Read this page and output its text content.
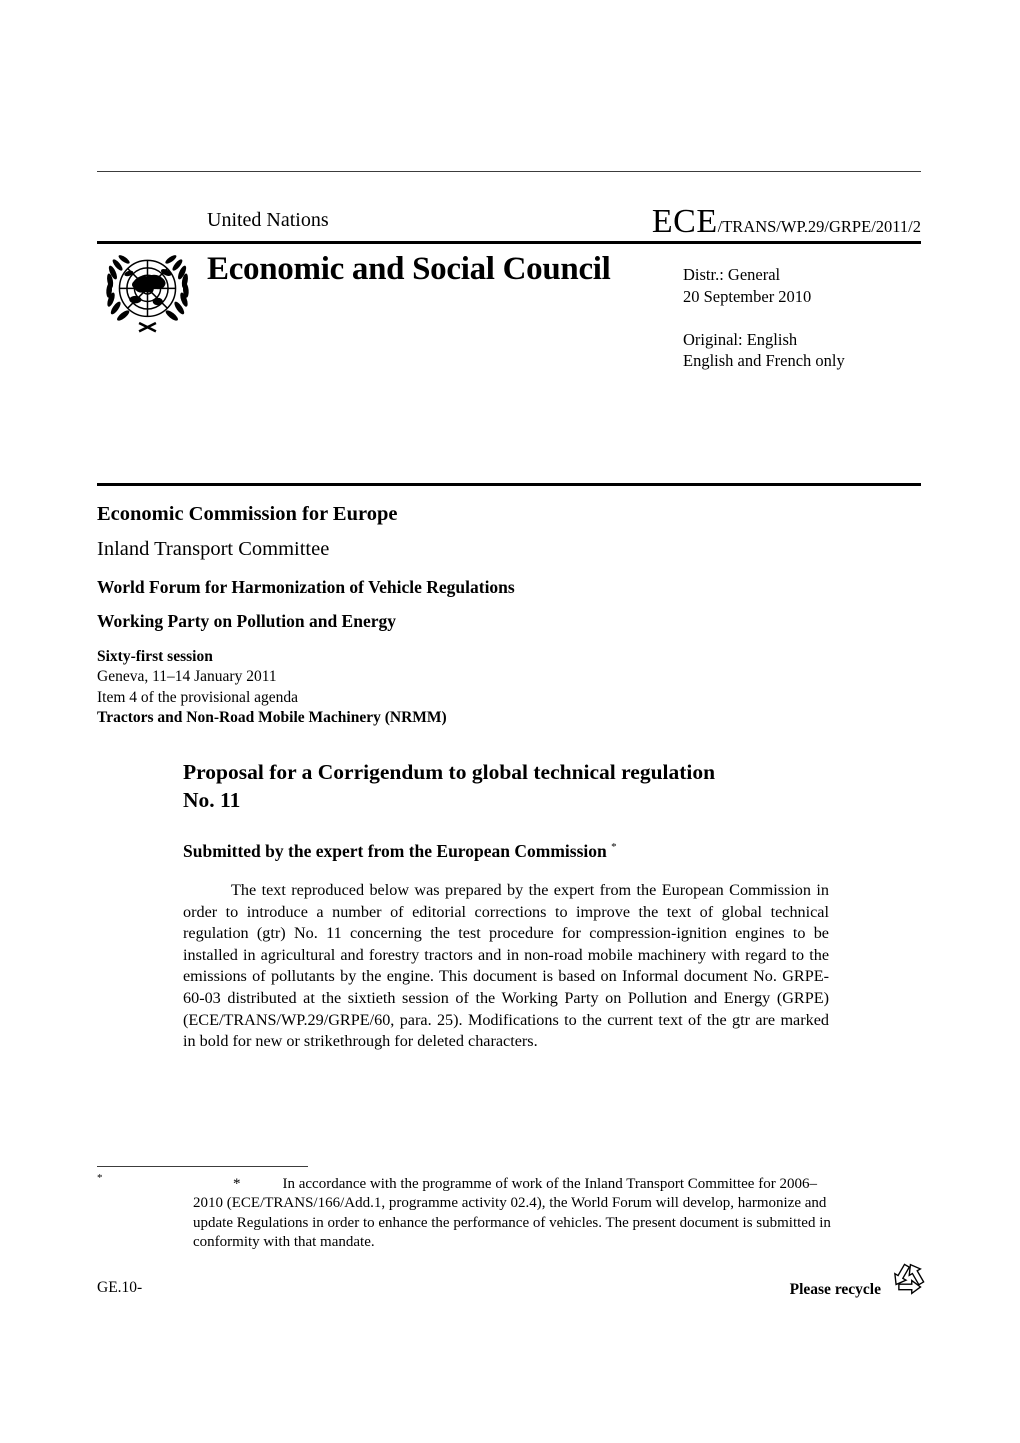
United Nations	ECE/TRANS/WP.29/GRPE/2011/2
Economic and Social Council	Distr.: General
20 September 2010
Original: English
English and French only
Economic Commission for Europe
Inland Transport Committee
World Forum for Harmonization of Vehicle Regulations
Working Party on Pollution and Energy
Sixty-first session
Geneva, 11–14 January 2011
Item 4 of the provisional agenda
Tractors and Non-Road Mobile Machinery (NRMM)
Proposal for a Corrigendum to global technical regulation
No. 11
Submitted by the expert from the European Commission *
The text reproduced below was prepared by the expert from the European Commission in order to introduce a number of editorial corrections to improve the text of global technical regulation (gtr) No. 11 concerning the test procedure for compression-ignition engines to be installed in agricultural and forestry tractors and in non-road mobile machinery with regard to the emissions of pollutants by the engine. This document is based on Informal document No. GRPE-60-03 distributed at the sixtieth session of the Working Party on Pollution and Energy (GRPE) (ECE/TRANS/WP.29/GRPE/60, para. 25). Modifications to the current text of the gtr are marked in bold for new or strikethrough for deleted characters.
*	*	In accordance with the programme of work of the Inland Transport Committee for 2006–2010 (ECE/TRANS/166/Add.1, programme activity 02.4), the World Forum will develop, harmonize and update Regulations in order to enhance the performance of vehicles. The present document is submitted in conformity with that mandate.
GE.10-	Please recycle
